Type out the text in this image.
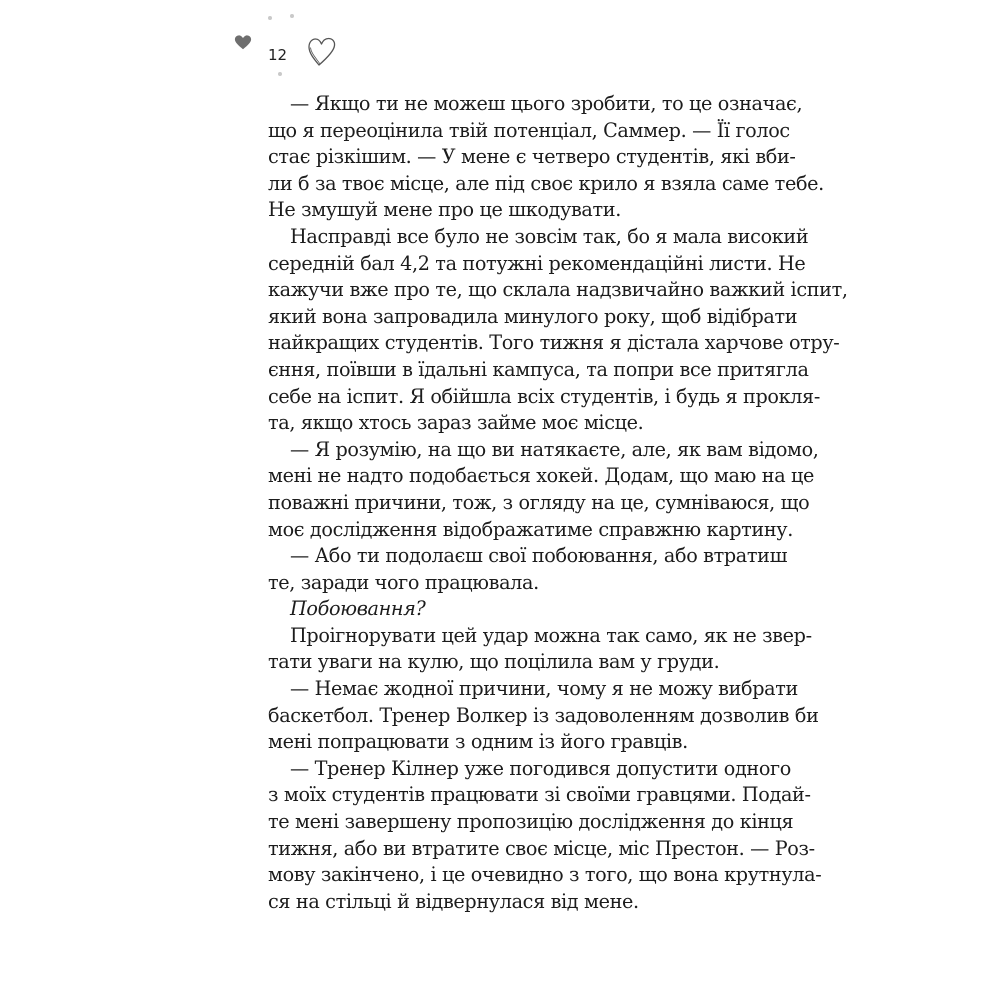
12
— Якщо ти не можеш цього зробити, то це означає,
що я переоцінила твій потенціал, Саммер. — Її голос
стає різкішим. — У мене є четверо студентів, які вби-
ли б за твоє місце, але під своє крило я взяла саме тебе.
Не змушуй мене про це шкодувати.
Насправді все було не зовсім так, бо я мала високий
середній бал 4,2 та потужні рекомендаційні листи. Не
кажучи вже про те, що склала надзвичайно важкий іспит,
який вона запровадила минулого року, щоб відібрати
найкращих студентів. Того тижня я дістала харчове отру-
єння, поївши в їдальні кампуса, та попри все притягла
себе на іспит. Я обійшла всіх студентів, і будь я прокля-
та, якщо хтось зараз займе моє місце.
— Я розумію, на що ви натякаєте, але, як вам відомо,
мені не надто подобається хокей. Додам, що маю на це
поважні причини, тож, з огляду на це, сумніваюся, що
моє дослідження відображатиме справжню картину.
— Або ти подолаєш свої побоювання, або втратиш
те, заради чого працювала.
Побоювання?
Проігнорувати цей удар можна так само, як не звер-
тати уваги на кулю, що поцілила вам у груди.
— Немає жодної причини, чому я не можу вибрати
баскетбол. Тренер Волкер із задоволенням дозволив би
мені попрацювати з одним із його гравців.
— Тренер Кілнер уже погодився допустити одного
з моїх студентів працювати зі своїми гравцями. Подай-
те мені завершену пропозицію дослідження до кінця
тижня, або ви втратите своє місце, міс Престон. — Роз-
мову закінчено, і це очевидно з того, що вона крутнула-
ся на стільці й відвернулася від мене.
